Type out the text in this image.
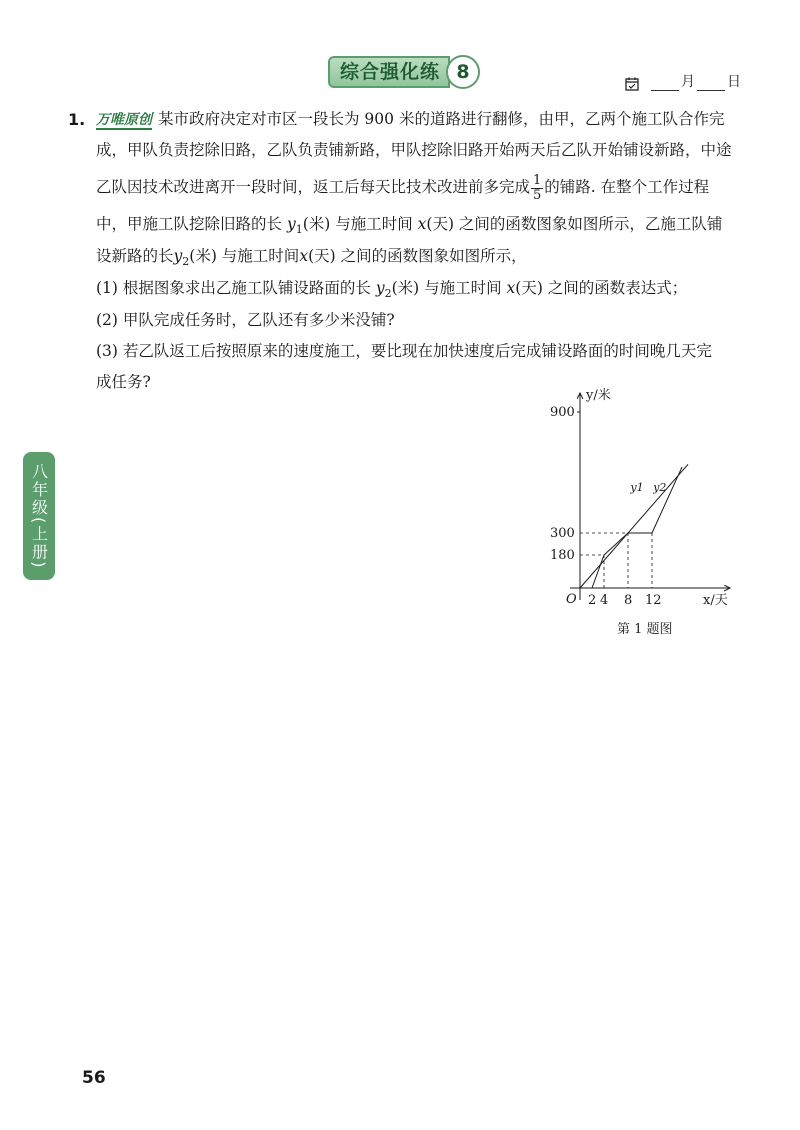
综合强化练 8	月 日
1. 万唯原创 某市政府决定对市区一段长为 900 米的道路进行翻修，由甲，乙两个施工队合作完
成，甲队负责挖除旧路，乙队负责铺新路，甲队挖除旧路开始两天后乙队开始铺设新路，中途
乙队因技术改进离开一段时间，返工后每天比技术改进前多完成 $\frac{1}{5}$ 的铺路. 在整个工作过程
中，甲施工队挖除旧路的长 $y_1$(米) 与施工时间 x(天) 之间的函数图象如图所示，乙施工队铺
设新路的长$y_2$(米) 与施工时间x(天) 之间的函数图象如图所示，
(1) 根据图象求出乙施工队铺设路面的长 $y_2$(米) 与施工时间 x(天) 之间的函数表达式；
(2) 甲队完成任务时，乙队还有多少米没铺?
(3) 若乙队返工后按照原来的速度施工，要比现在加快速度后完成铺设路面的时间晚几天完
成任务?
y/米
x/天
O
y1 y2
2 4 8 12
180
300
900
第 1 题图
八年级(上册)
56
